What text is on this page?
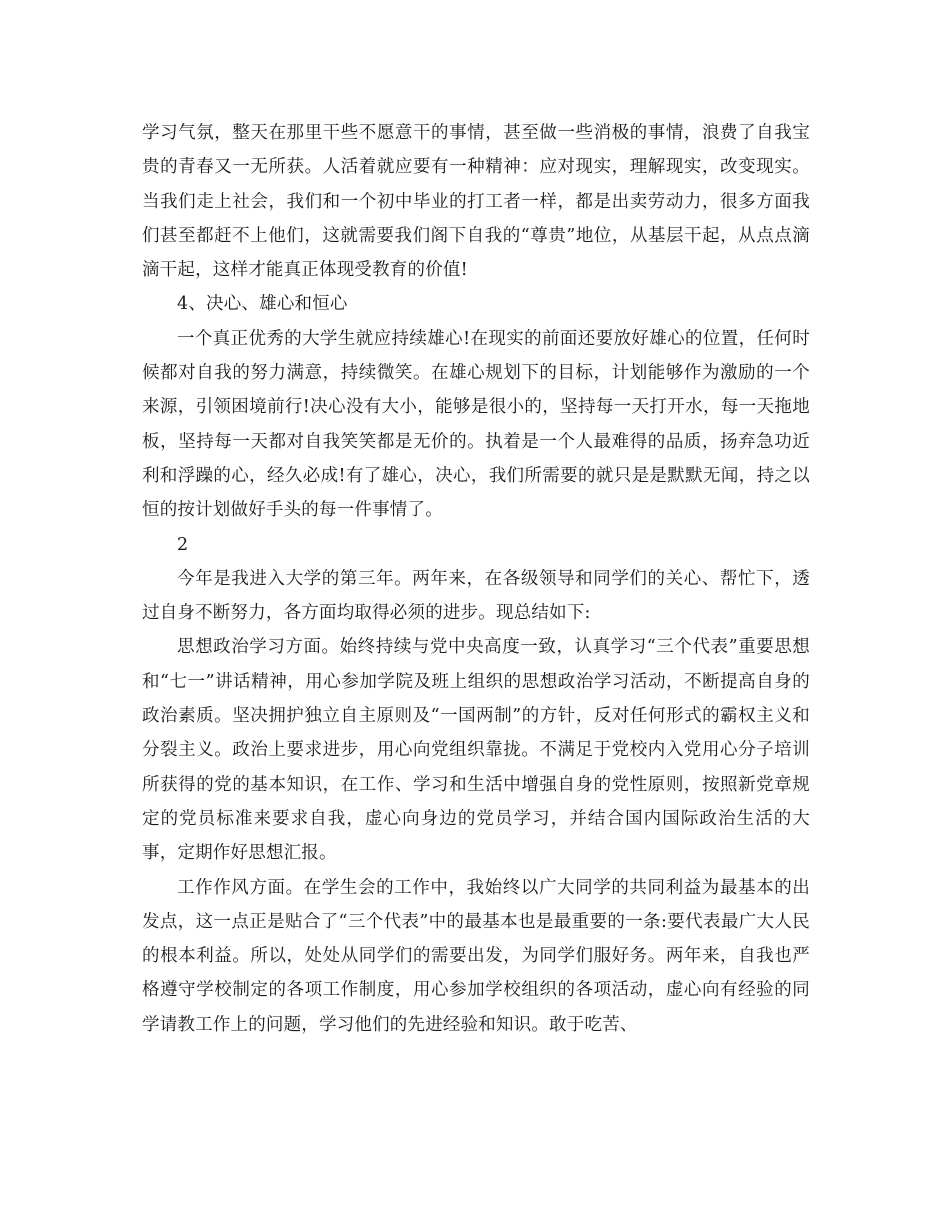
学习气氛，整天在那里干些不愿意干的事情，甚至做一些消极的事情，浪费了自我宝贵的青春又一无所获。人活着就应要有一种精神：应对现实，理解现实，改变现实。当我们走上社会，我们和一个初中毕业的打工者一样，都是出卖劳动力，很多方面我们甚至都赶不上他们，这就需要我们阁下自我的“尊贵”地位，从基层干起，从点点滴滴干起，这样才能真正体现受教育的价值!

4、决心、雄心和恒心

一个真正优秀的大学生就应持续雄心!在现实的前面还要放好雄心的位置，任何时候都对自我的努力满意，持续微笑。在雄心规划下的目标，计划能够作为激励的一个来源，引领困境前行!决心没有大小，能够是很小的，坚持每一天打开水，每一天拖地板，坚持每一天都对自我笑笑都是无价的。执着是一个人最难得的品质，扬弃急功近利和浮躁的心，经久必成!有了雄心，决心，我们所需要的就只是是默默无闻，持之以恒的按计划做好手头的每一件事情了。

2

今年是我进入大学的第三年。两年来，在各级领导和同学们的关心、帮忙下，透过自身不断努力，各方面均取得必须的进步。现总结如下:

思想政治学习方面。始终持续与党中央高度一致，认真学习“三个代表”重要思想和“七一”讲话精神，用心参加学院及班上组织的思想政治学习活动，不断提高自身的政治素质。坚决拥护独立自主原则及“一国两制”的方针，反对任何形式的霸权主义和分裂主义。政治上要求进步，用心向党组织靠拢。不满足于党校内入党用心分子培训所获得的党的基本知识，在工作、学习和生活中增强自身的党性原则，按照新党章规定的党员标准来要求自我，虚心向身边的党员学习，并结合国内国际政治生活的大事，定期作好思想汇报。

工作作风方面。在学生会的工作中，我始终以广大同学的共同利益为最基本的出发点，这一点正是贴合了“三个代表”中的最基本也是最重要的一条:要代表最广大人民的根本利益。所以，处处从同学们的需要出发，为同学们服好务。两年来，自我也严格遵守学校制定的各项工作制度，用心参加学校组织的各项活动，虚心向有经验的同学请教工作上的问题，学习他们的先进经验和知识。敢于吃苦、
